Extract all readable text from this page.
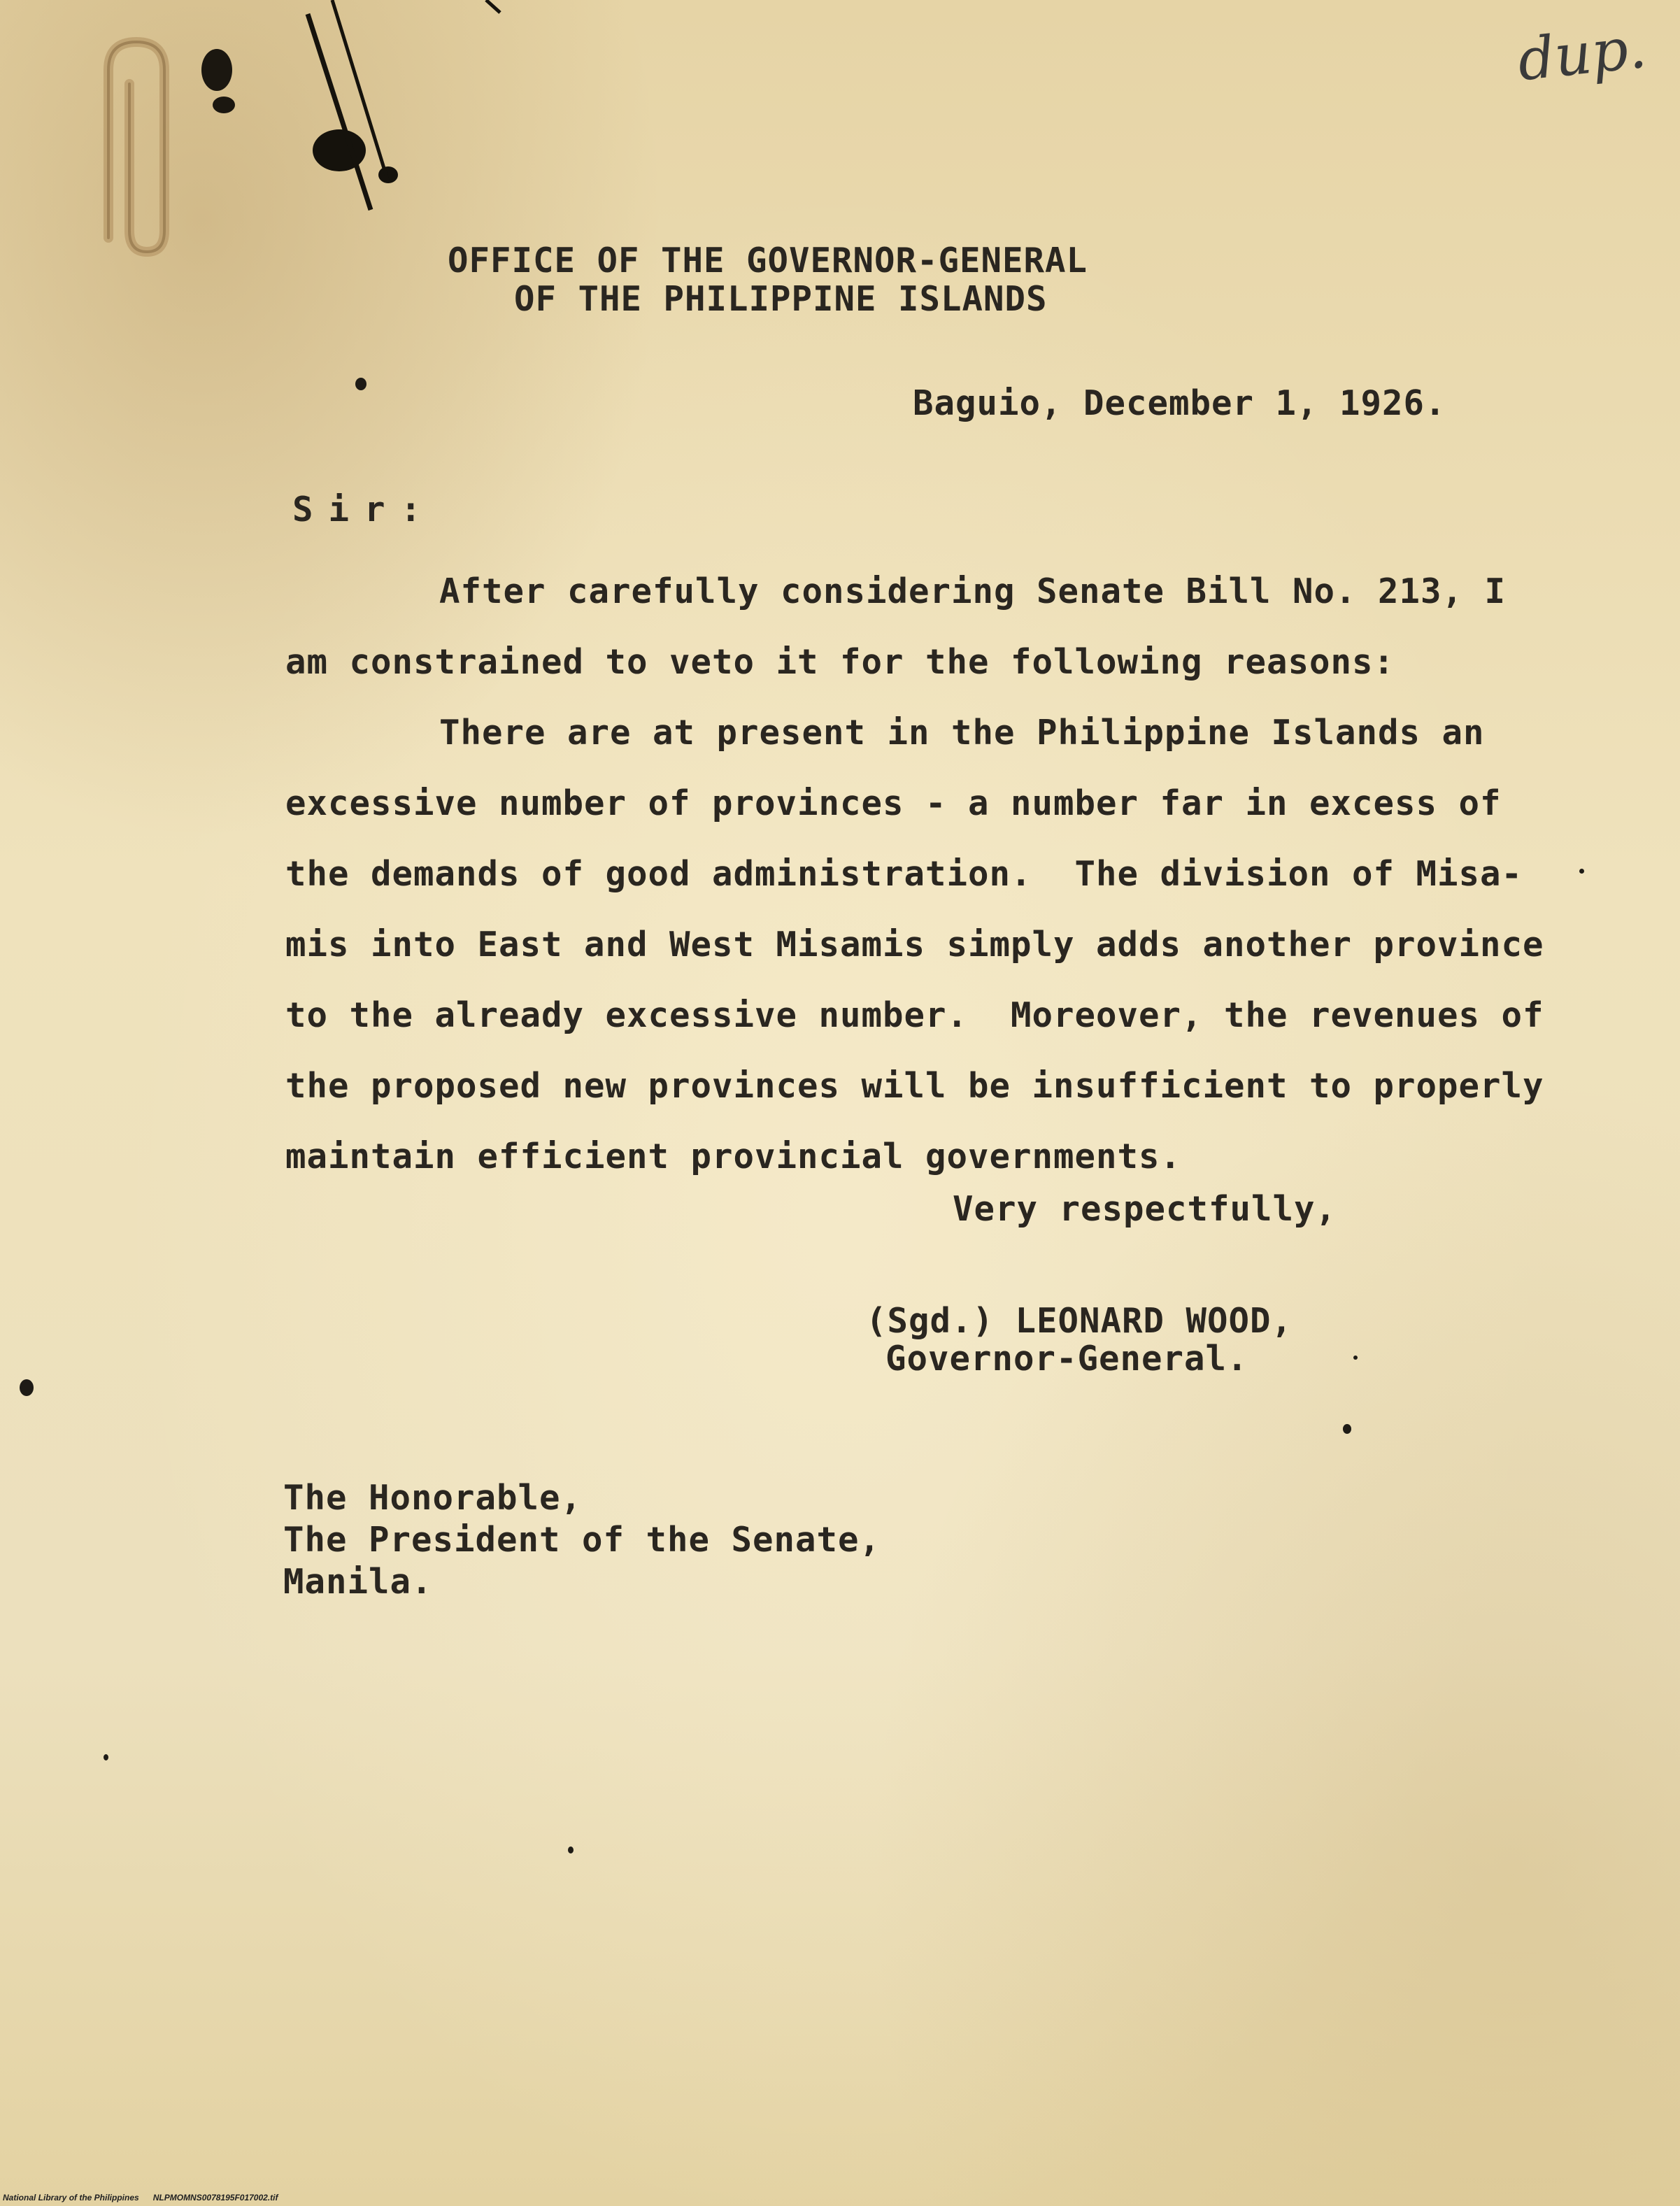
dup.
OFFICE OF THE GOVERNOR-GENERAL
OF THE PHILIPPINE ISLANDS
Baguio, December 1, 1926.
Sir:
After carefully considering Senate Bill No. 213, I
am constrained to veto it for the following reasons:
There are at present in the Philippine Islands an
excessive number of provinces - a number far in excess of
the demands of good administration.  The division of Misa-
mis into East and West Misamis simply adds another province
to the already excessive number.  Moreover, the revenues of
the proposed new provinces will be insufficient to properly
maintain efficient provincial governments.
Very respectfully,
(Sgd.) LEONARD WOOD,
Governor-General.
The Honorable,
The President of the Senate,
Manila.
National Library of the Philippines NLPMOMNS0078195F017002.tif
